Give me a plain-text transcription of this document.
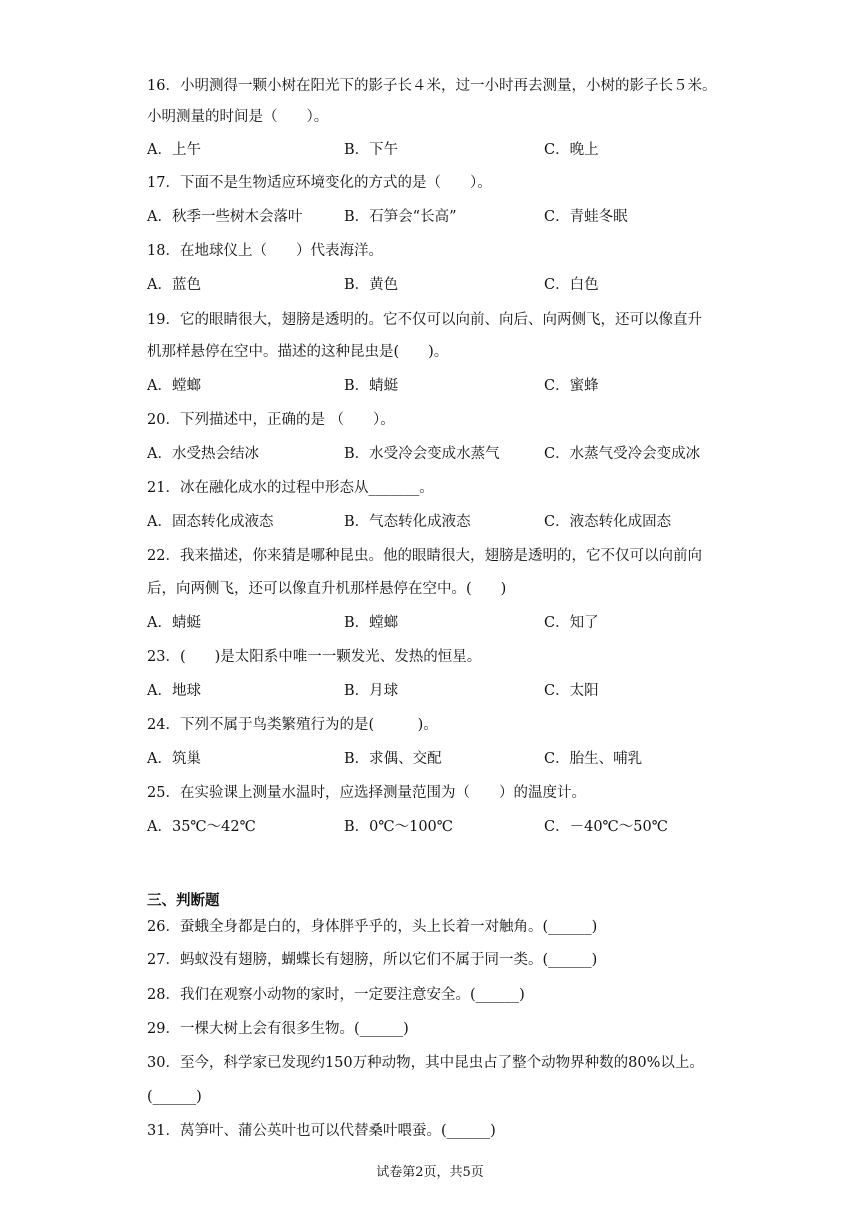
16．小明测得一颗小树在阳光下的影子长４米，过一小时再去测量，小树的影子长５米。
小明测量的时间是（　　）。
A．上午	B．下午	C．晚上
17．下面不是生物适应环境变化的方式的是（　　）。
A．秋季一些树木会落叶	B．石笋会“长高”	C．青蛙冬眠
18．在地球仪上（　　）代表海洋。
A．蓝色	B．黄色	C．白色
19．它的眼睛很大，翅膀是透明的。它不仅可以向前、向后、向两侧飞，还可以像直升
机那样悬停在空中。描述的这种昆虫是(　　)。
A．螳螂	B．蜻蜓	C．蜜蜂
20．下列描述中，正确的是 （　　）。
A．水受热会结冰	B．水受冷会变成水蒸气	C．水蒸气受冷会变成冰
21．冰在融化成水的过程中形态从_______。
A．固态转化成液态	B．气态转化成液态	C．液态转化成固态
22．我来描述，你来猜是哪种昆虫。他的眼睛很大，翅膀是透明的，它不仅可以向前向
后，向两侧飞，还可以像直升机那样悬停在空中。(　　)
A．蜻蜓	B．螳螂	C．知了
23．(　　)是太阳系中唯一一颗发光、发热的恒星。
A．地球	B．月球	C．太阳
24．下列不属于鸟类繁殖行为的是(　　　)。
A．筑巢	B．求偶、交配	C．胎生、哺乳
25．在实验课上测量水温时，应选择测量范围为（　　）的温度计。
A．35℃～42℃	B．0℃～100℃	C．－40℃～50℃
三、判断题
26．蚕蛾全身都是白的，身体胖乎乎的，头上长着一对触角。(______)
27．蚂蚁没有翅膀，蝴蝶长有翅膀，所以它们不属于同一类。(______)
28．我们在观察小动物的家时，一定要注意安全。(______)
29．一棵大树上会有很多生物。(______)
30．至今，科学家已发现约150万种动物，其中昆虫占了整个动物界种数的80%以上。
(______)
31．莴笋叶、蒲公英叶也可以代替桑叶喂蚕。(______)
试卷第2页，共5页
